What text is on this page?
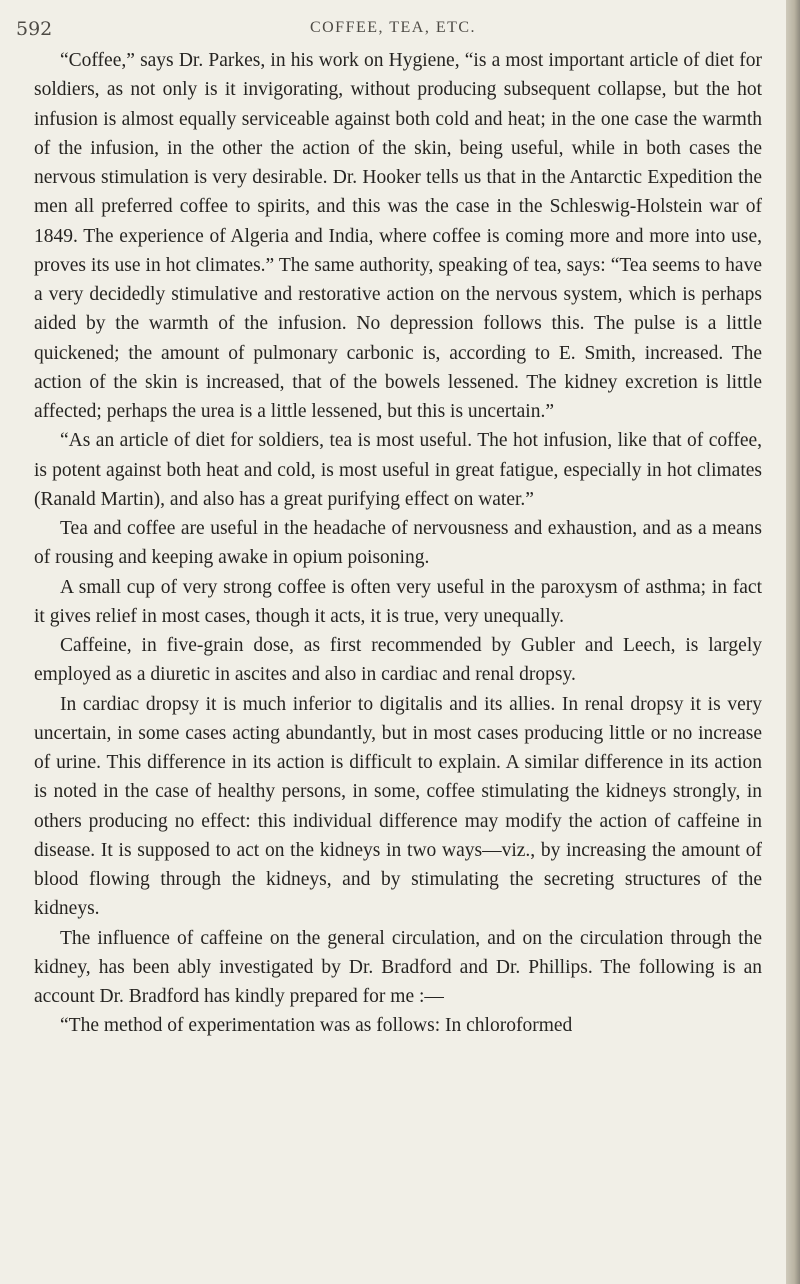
592	COFFEE, TEA, ETC.

“Coffee,” says Dr. Parkes, in his work on Hygiene, “is a most important article of diet for soldiers, as not only is it invigorating, without producing subsequent collapse, but the hot infusion is almost equally serviceable against both cold and heat; in the one case the warmth of the infusion, in the other the action of the skin, being useful, while in both cases the nervous stimulation is very desirable. Dr. Hooker tells us that in the Antarctic Expedition the men all preferred coffee to spirits, and this was the case in the Schleswig-Holstein war of 1849. The experience of Algeria and India, where coffee is coming more and more into use, proves its use in hot climates.” The same authority, speaking of tea, says: “Tea seems to have a very decidedly stimulative and restorative action on the nervous system, which is perhaps aided by the warmth of the infusion. No depression follows this. The pulse is a little quickened; the amount of pulmonary carbonic is, according to E. Smith, increased. The action of the skin is increased, that of the bowels lessened. The kidney excretion is little affected; perhaps the urea is a little lessened, but this is uncertain.”

“As an article of diet for soldiers, tea is most useful. The hot infusion, like that of coffee, is potent against both heat and cold, is most useful in great fatigue, especially in hot climates (Ranald Martin), and also has a great purifying effect on water.”

Tea and coffee are useful in the headache of nervousness and exhaustion, and as a means of rousing and keeping awake in opium poisoning.

A small cup of very strong coffee is often very useful in the paroxysm of asthma; in fact it gives relief in most cases, though it acts, it is true, very unequally.

Caffeine, in five-grain dose, as first recommended by Gubler and Leech, is largely employed as a diuretic in ascites and also in cardiac and renal dropsy.

In cardiac dropsy it is much inferior to digitalis and its allies. In renal dropsy it is very uncertain, in some cases acting abundantly, but in most cases producing little or no increase of urine. This difference in its action is difficult to explain. A similar difference in its action is noted in the case of healthy persons, in some, coffee stimulating the kidneys strongly, in others producing no effect: this individual difference may modify the action of caffeine in disease. It is supposed to act on the kidneys in two ways—viz., by increasing the amount of blood flowing through the kidneys, and by stimulating the secreting structures of the kidneys.

The influence of caffeine on the general circulation, and on the circulation through the kidney, has been ably investigated by Dr. Bradford and Dr. Phillips. The following is an account Dr. Bradford has kindly prepared for me :—

“The method of experimentation was as follows: In chloroformed
